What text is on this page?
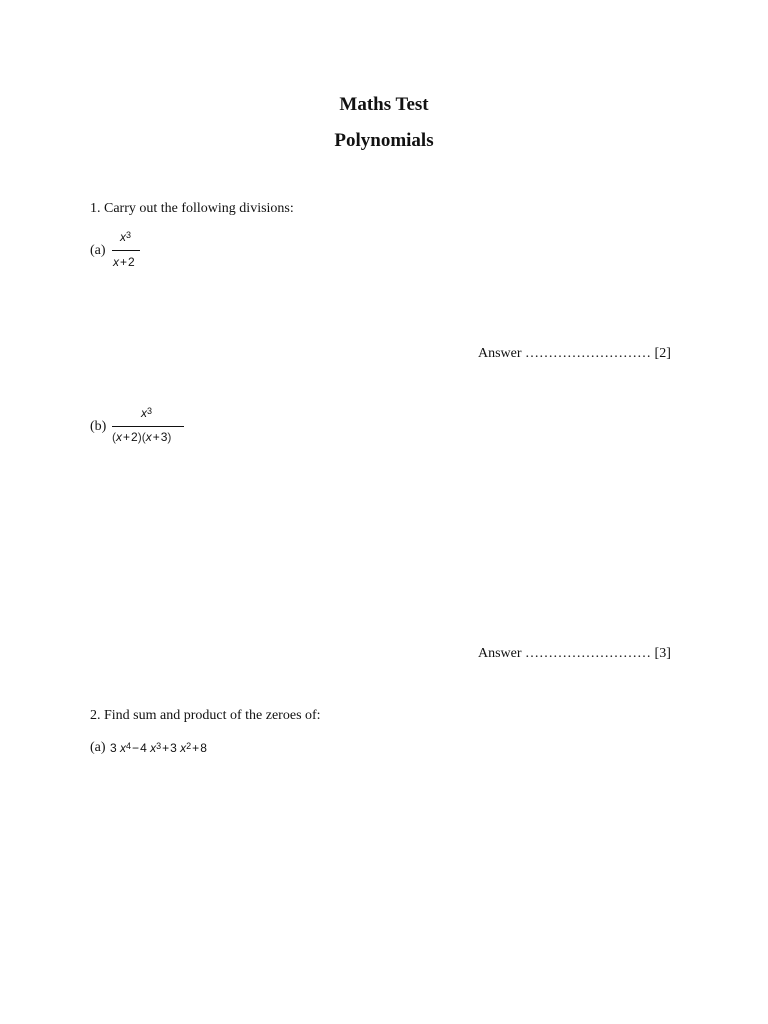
Maths Test
Polynomials
1. Carry out the following divisions:
(a)
$x^3$
x+2
Answer ……………………… [2]
(b)
$x^3$
(x+2)(x+3)
Answer ……………………… [3]
2. Find sum and product of the zeroes of:
(a) 3 $x^4-4$ $x^3+3$ $x^2+8$
